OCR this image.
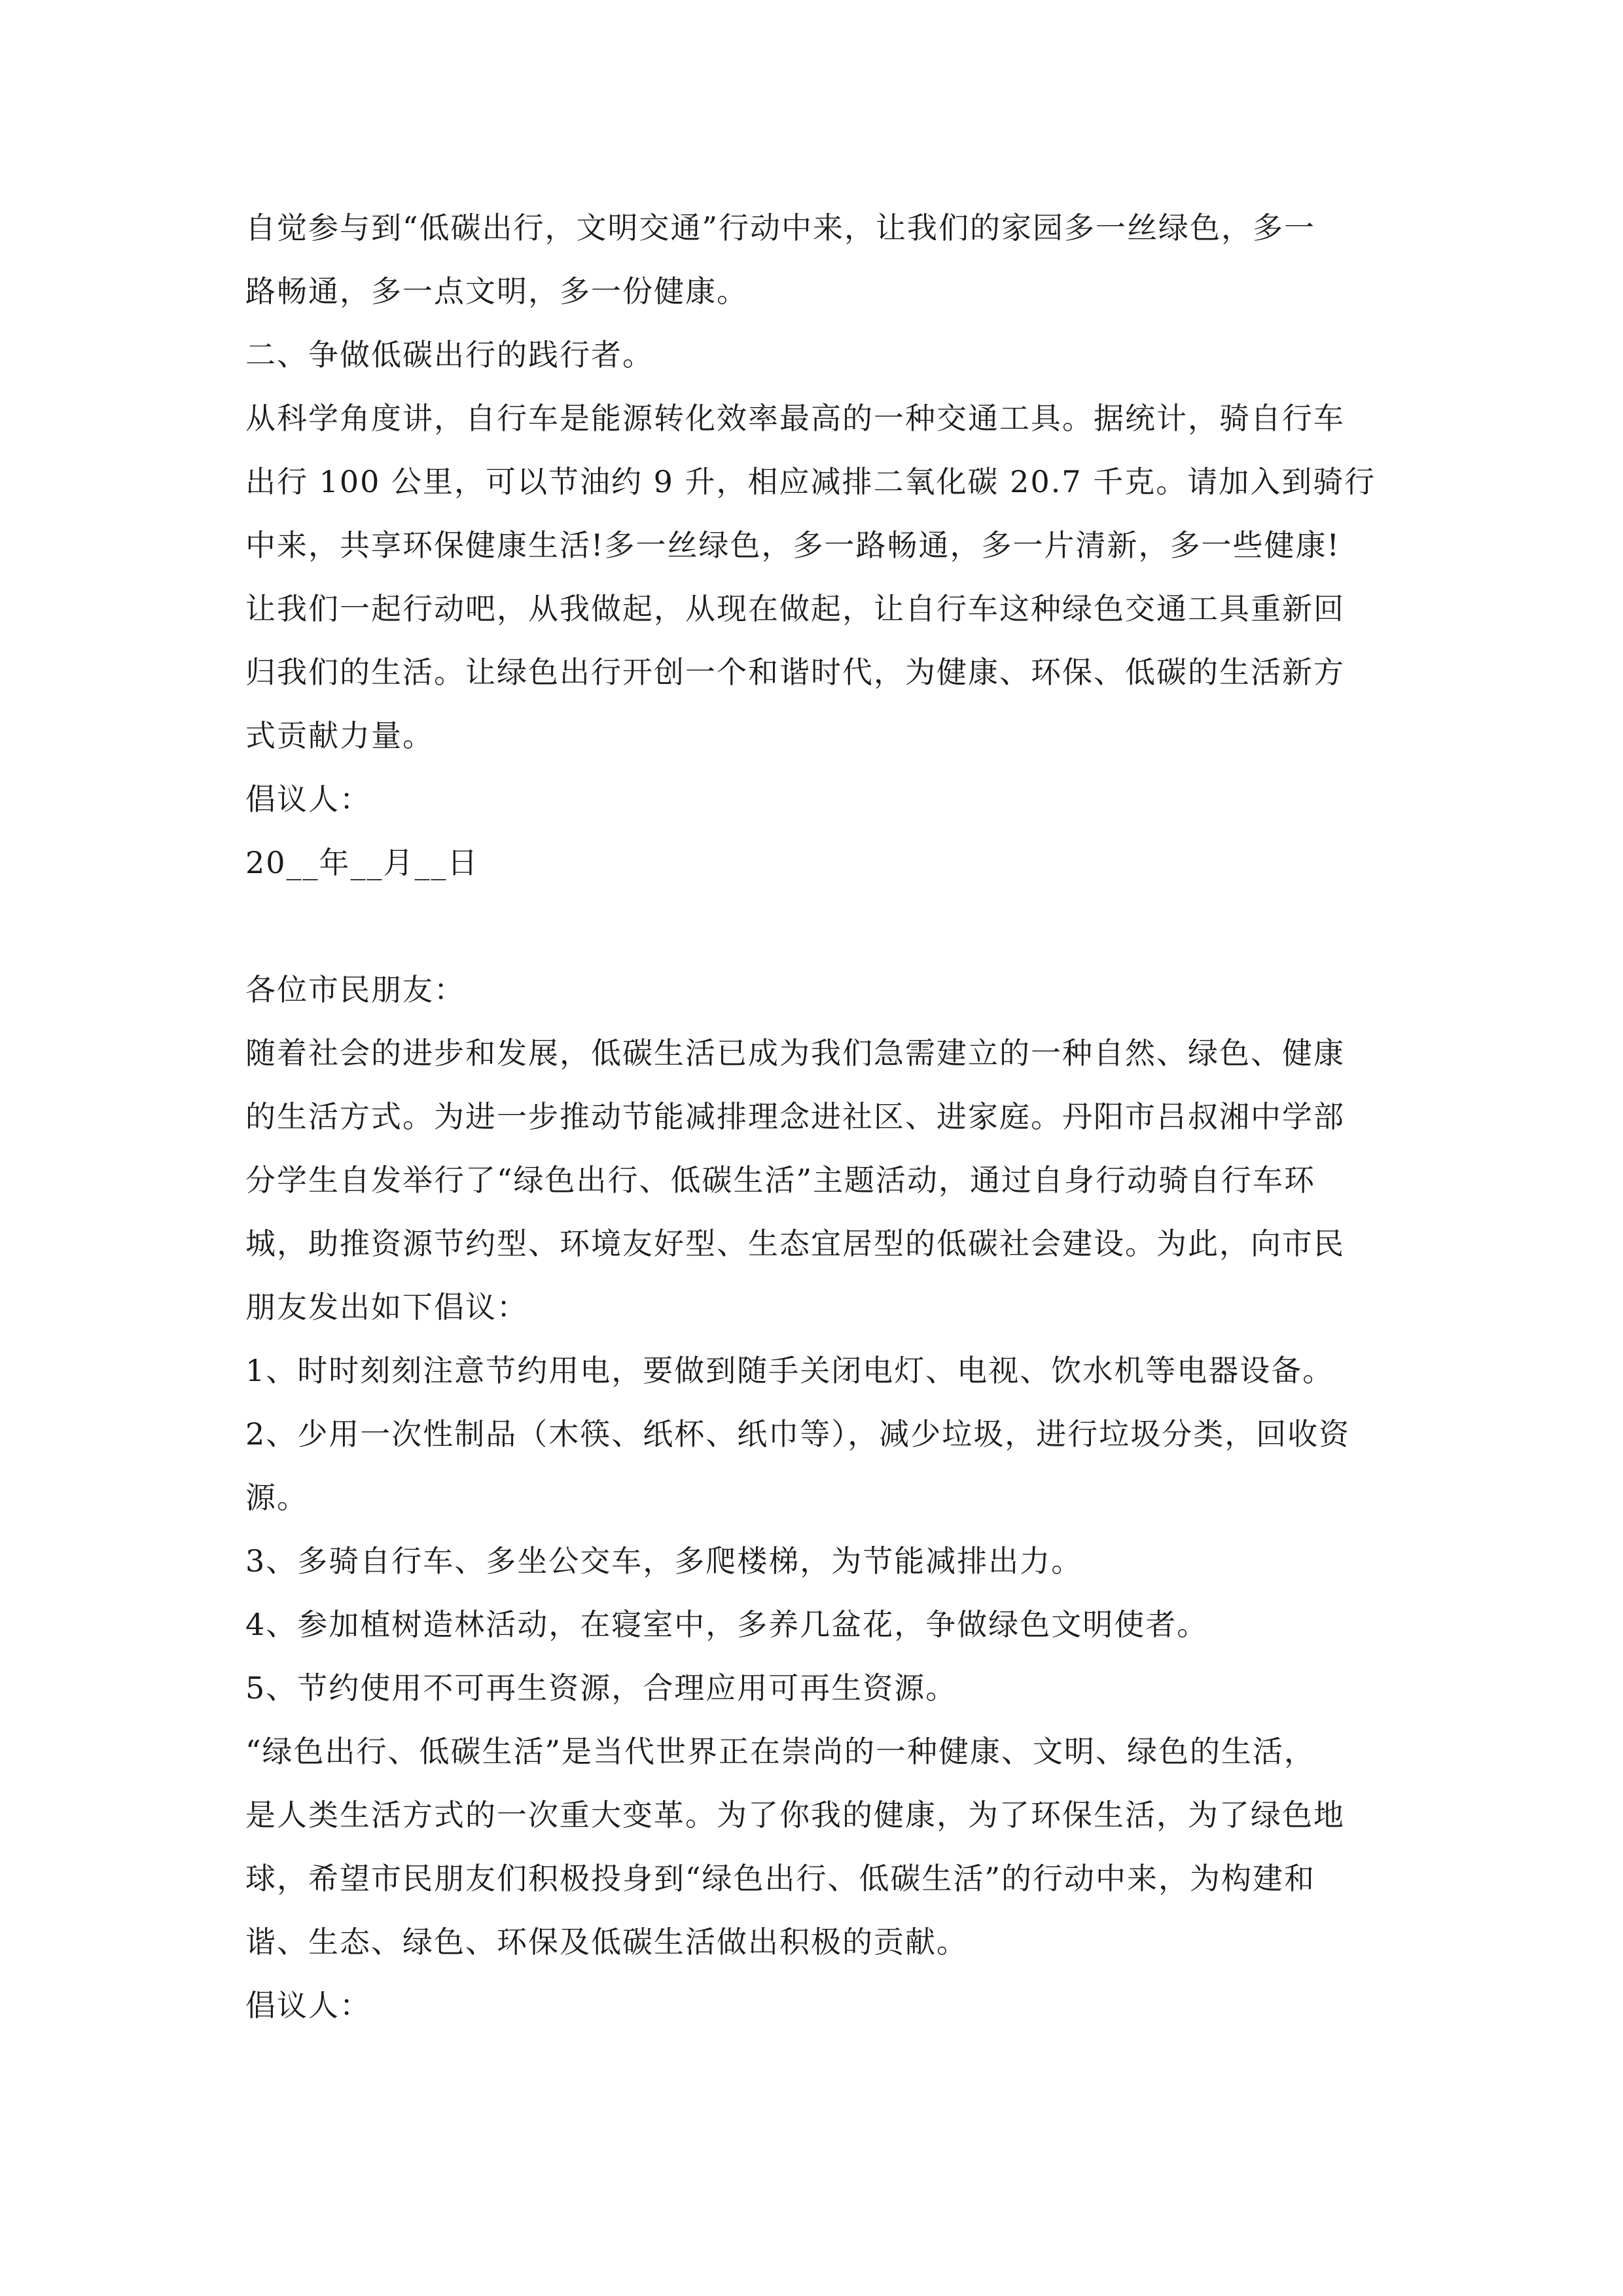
自觉参与到“低碳出行，文明交通”行动中来，让我们的家园多一丝绿色，多一
路畅通，多一点文明，多一份健康。
二、争做低碳出行的践行者。
从科学角度讲，自行车是能源转化效率最高的一种交通工具。据统计，骑自行车
出行 100 公里，可以节油约 9 升，相应减排二氧化碳 20.7 千克。请加入到骑行
中来，共享环保健康生活!多一丝绿色，多一路畅通，多一片清新，多一些健康!
让我们一起行动吧，从我做起，从现在做起，让自行车这种绿色交通工具重新回
归我们的生活。让绿色出行开创一个和谐时代，为健康、环保、低碳的生活新方
式贡献力量。
倡议人：
20__年__月__日
各位市民朋友：
随着社会的进步和发展，低碳生活已成为我们急需建立的一种自然、绿色、健康
的生活方式。为进一步推动节能减排理念进社区、进家庭。丹阳市吕叔湘中学部
分学生自发举行了“绿色出行、低碳生活”主题活动，通过自身行动骑自行车环
城，助推资源节约型、环境友好型、生态宜居型的低碳社会建设。为此，向市民
朋友发出如下倡议：
1、时时刻刻注意节约用电，要做到随手关闭电灯、电视、饮水机等电器设备。
2、少用一次性制品（木筷、纸杯、纸巾等），减少垃圾，进行垃圾分类，回收资
源。
3、多骑自行车、多坐公交车，多爬楼梯，为节能减排出力。
4、参加植树造林活动，在寝室中，多养几盆花，争做绿色文明使者。
5、节约使用不可再生资源，合理应用可再生资源。
“绿色出行、低碳生活”是当代世界正在崇尚的一种健康、文明、绿色的生活，
是人类生活方式的一次重大变革。为了你我的健康，为了环保生活，为了绿色地
球，希望市民朋友们积极投身到“绿色出行、低碳生活”的行动中来，为构建和
谐、生态、绿色、环保及低碳生活做出积极的贡献。
倡议人：
